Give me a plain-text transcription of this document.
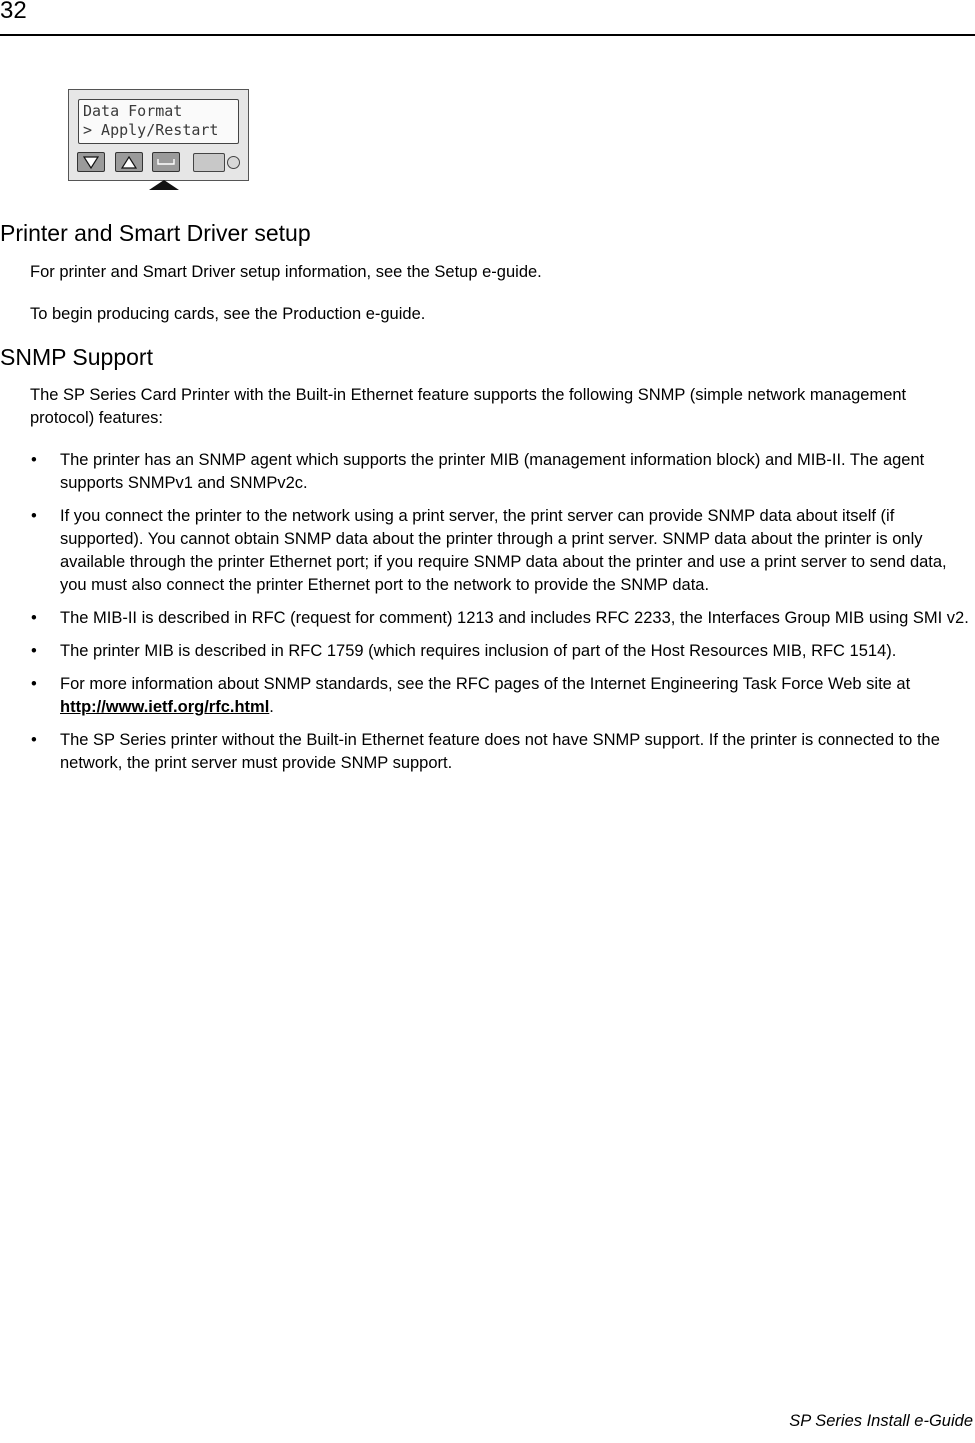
32
Data Format
> Apply/Restart
Printer and Smart Driver setup

For printer and Smart Driver setup information, see the Setup e-guide.

To begin producing cards, see the Production e-guide.

SNMP Support

The SP Series Card Printer with the Built-in Ethernet feature supports the following SNMP (simple network management protocol) features:

• The printer has an SNMP agent which supports the printer MIB (management information block) and MIB-II. The agent supports SNMPv1 and SNMPv2c.
• If you connect the printer to the network using a print server, the print server can provide SNMP data about itself (if supported). You cannot obtain SNMP data about the printer through a print server. SNMP data about the printer is only available through the printer Ethernet port; if you require SNMP data about the printer and use a print server to send data, you must also connect the printer Ethernet port to the network to provide the SNMP data.
• The MIB-II is described in RFC (request for comment) 1213 and includes RFC 2233, the Interfaces Group MIB using SMI v2.
• The printer MIB is described in RFC 1759 (which requires inclusion of part of the Host Resources MIB, RFC 1514).
• For more information about SNMP standards, see the RFC pages of the Internet Engineering Task Force Web site at http://www.ietf.org/rfc.html.
• The SP Series printer without the Built-in Ethernet feature does not have SNMP support. If the printer is connected to the network, the print server must provide SNMP support.
SP Series Install e-Guide
